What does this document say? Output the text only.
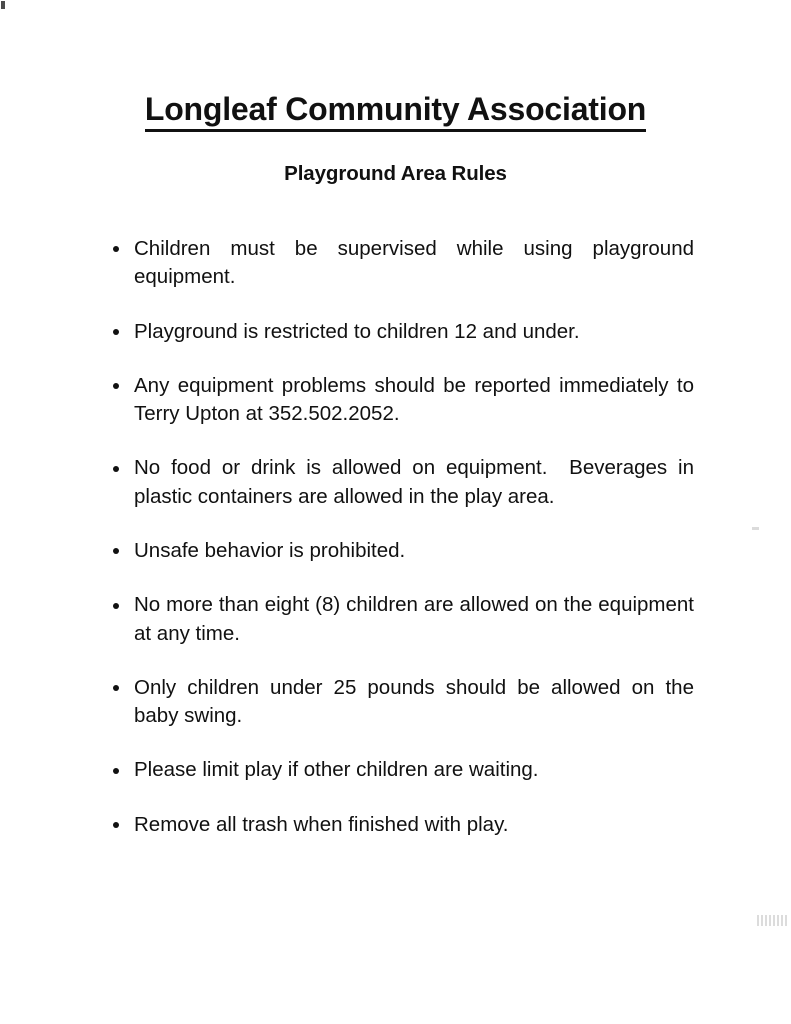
Longleaf Community Association
Playground Area Rules
Children must be supervised while using playground equipment.
Playground is restricted to children 12 and under.
Any equipment problems should be reported immediately to Terry Upton at 352.502.2052.
No food or drink is allowed on equipment.  Beverages in plastic containers are allowed in the play area.
Unsafe behavior is prohibited.
No more than eight (8) children are allowed on the equipment at any time.
Only children under 25 pounds should be allowed on the baby swing.
Please limit play if other children are waiting.
Remove all trash when finished with play.
